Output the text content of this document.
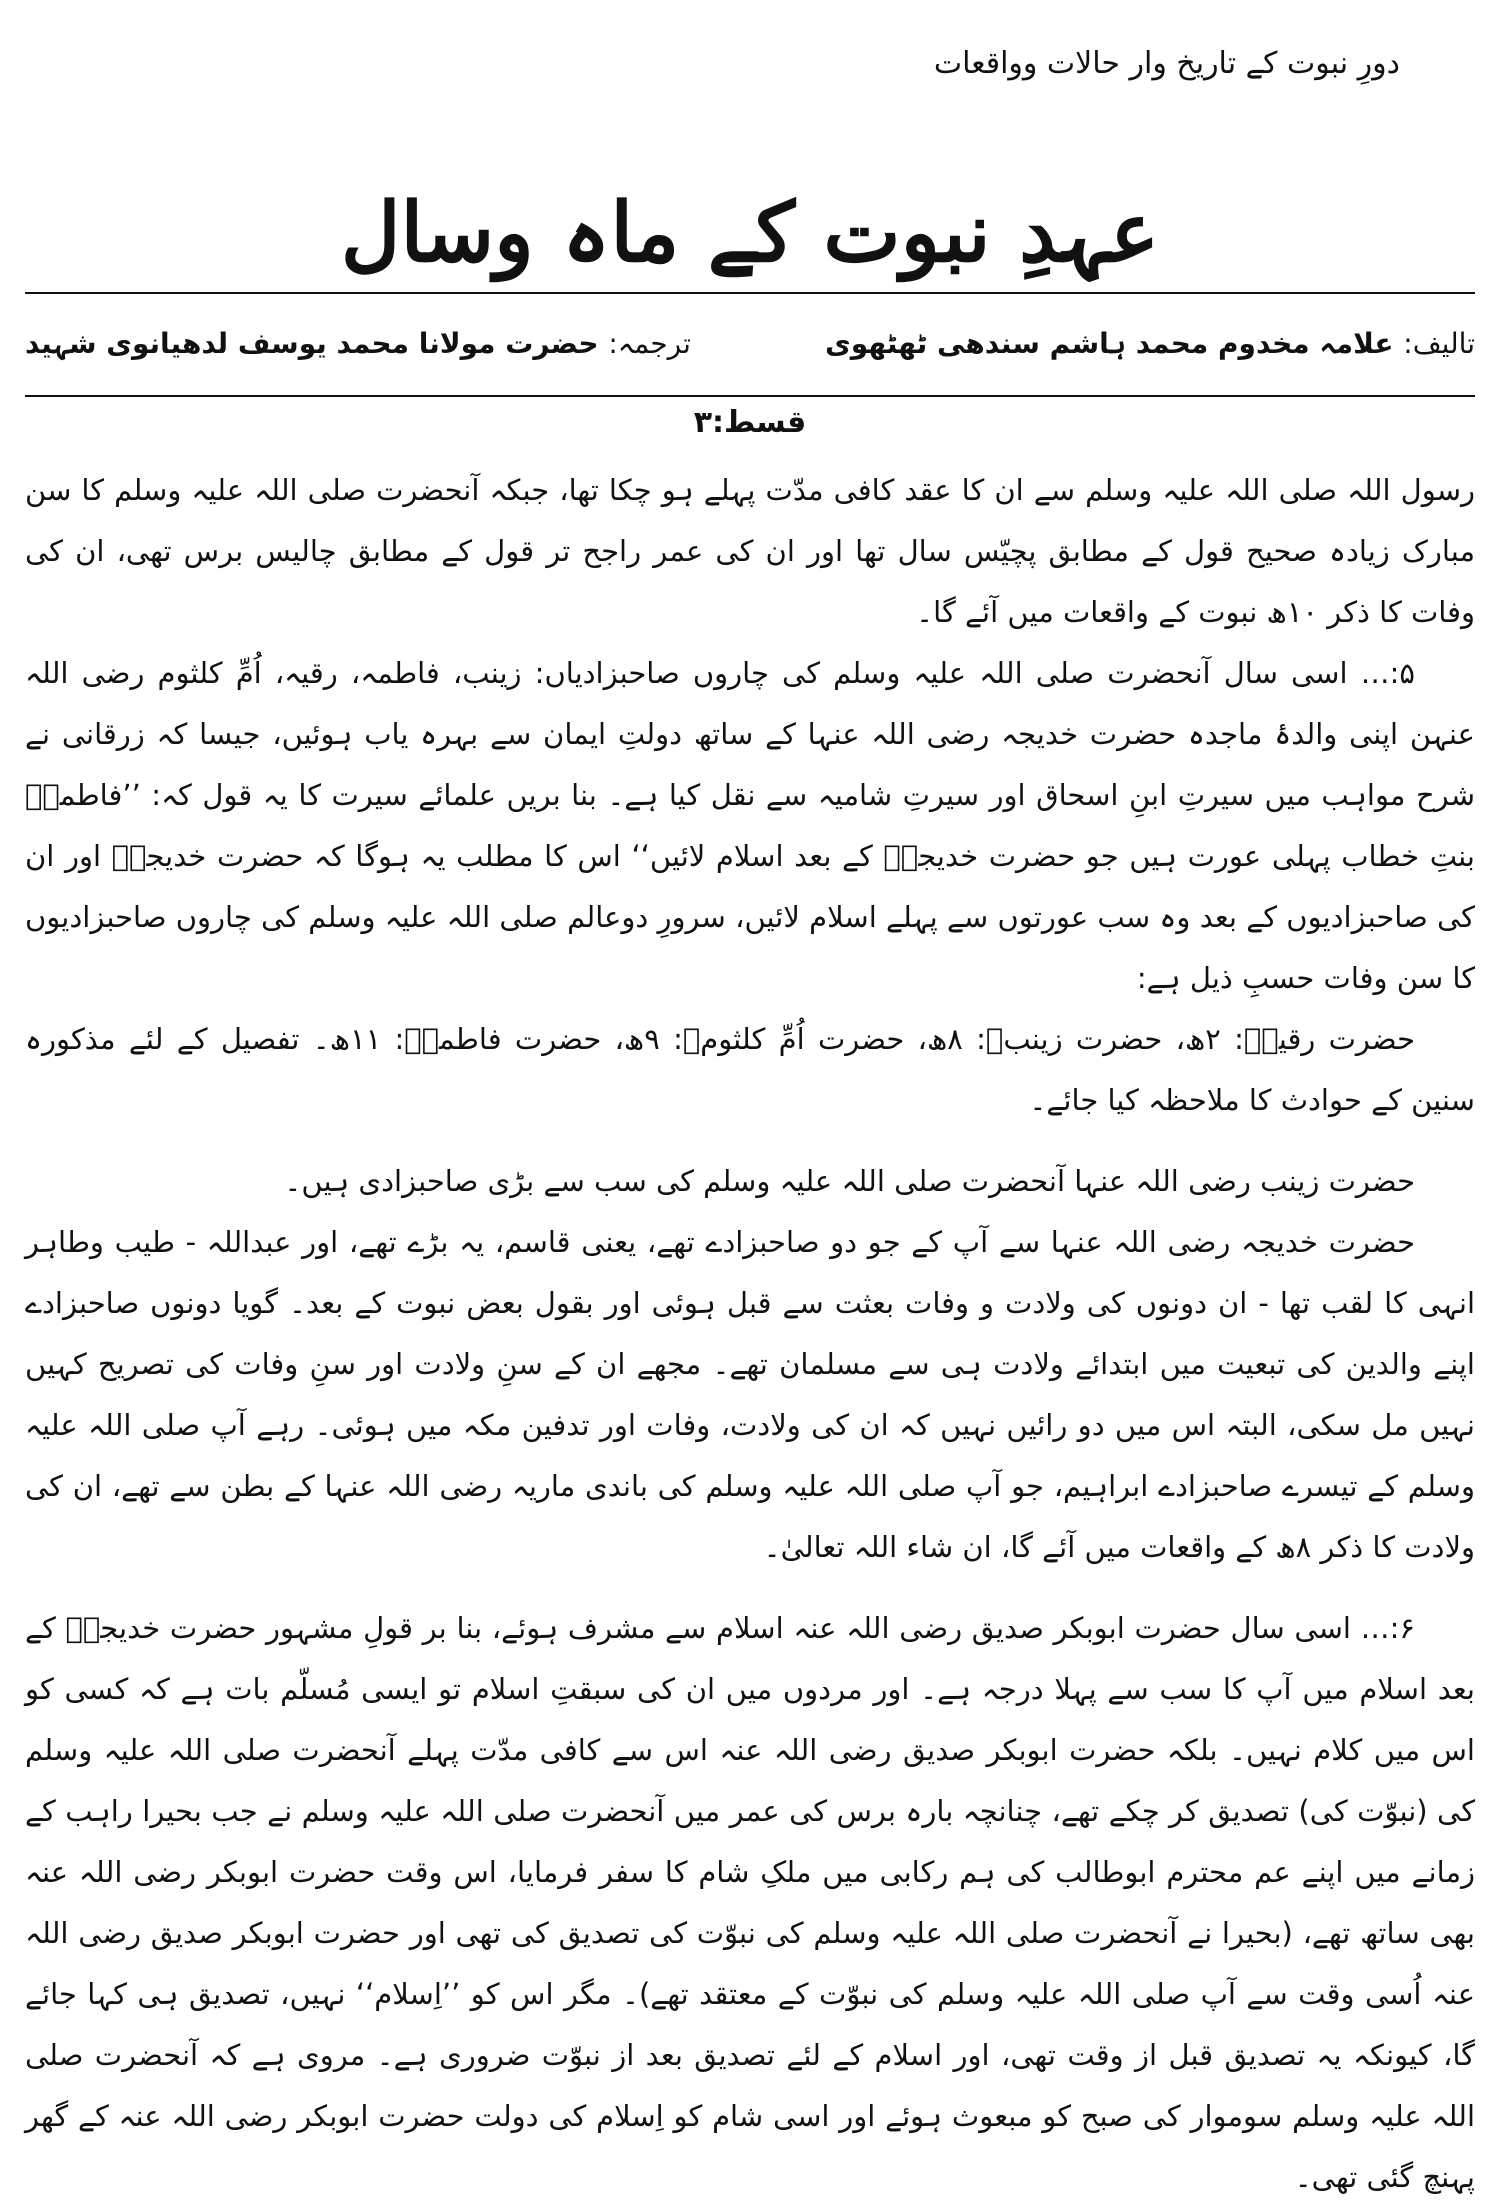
دورِ نبوت کے تاریخ وار حالات وواقعات
عہدِ نبوت کے ماہ وسال
تالیف: علامہ مخدوم محمد ہاشم سندھی ٹھٹھوی
ترجمہ: حضرت مولانا محمد یوسف لدھیانوی شہید
قسط:۳

رسول اللہ صلی اللہ علیہ وسلم سے ان کا عقد کافی مدّت پہلے ہو چکا تھا، جبکہ آنحضرت صلی اللہ علیہ وسلم کا سن مبارک زیادہ صحیح قول کے مطابق پچیّس سال تھا اور ان کی عمر راجح تر قول کے مطابق چالیس برس تھی، ان کی وفات کا ذکر ۱۰ھ نبوت کے واقعات میں آئے گا۔

۵:… اسی سال آنحضرت صلی اللہ علیہ وسلم کی چاروں صاحبزادیاں: زینب، فاطمہ، رقیہ، اُمِّ کلثوم رضی اللہ عنہن اپنی والدۂ ماجدہ حضرت خدیجہ رضی اللہ عنہا کے ساتھ دولتِ ایمان سے بہرہ یاب ہوئیں، جیسا کہ زرقانی نے شرح مواہب میں سیرتِ ابنِ اسحاق اور سیرتِ شامیہ سے نقل کیا ہے۔ بنا بریں علمائے سیرت کا یہ قول کہ: ’’فاطمہؓ بنتِ خطاب پہلی عورت ہیں جو حضرت خدیجہؓ کے بعد اسلام لائیں‘‘ اس کا مطلب یہ ہوگا کہ حضرت خدیجہؓ اور ان کی صاحبزادیوں کے بعد وہ سب عورتوں سے پہلے اسلام لائیں، سرورِ دوعالم صلی اللہ علیہ وسلم کی چاروں صاحبزادیوں کا سن وفات حسبِ ذیل ہے:

حضرت رقیہؓ: ۲ھ، حضرت زینبؓ: ۸ھ، حضرت اُمِّ کلثومؓ: ۹ھ، حضرت فاطمہؓ: ۱۱ھ۔ تفصیل کے لئے مذکورہ سنین کے حوادث کا ملاحظہ کیا جائے۔

حضرت زینب رضی اللہ عنہا آنحضرت صلی اللہ علیہ وسلم کی سب سے بڑی صاحبزادی ہیں۔

حضرت خدیجہ رضی اللہ عنہا سے آپ کے جو دو صاحبزادے تھے، یعنی قاسم، یہ بڑے تھے، اور عبداللہ - طیب وطاہر انہی کا لقب تھا - ان دونوں کی ولادت و وفات بعثت سے قبل ہوئی اور بقول بعض نبوت کے بعد۔ گویا دونوں صاحبزادے اپنے والدین کی تبعیت میں ابتدائے ولادت ہی سے مسلمان تھے۔ مجھے ان کے سنِ ولادت اور سنِ وفات کی تصریح کہیں نہیں مل سکی، البتہ اس میں دو رائیں نہیں کہ ان کی ولادت، وفات اور تدفین مکہ میں ہوئی۔ رہے آپ صلی اللہ علیہ وسلم کے تیسرے صاحبزادے ابراہیم، جو آپ صلی اللہ علیہ وسلم کی باندی ماریہ رضی اللہ عنہا کے بطن سے تھے، ان کی ولادت کا ذکر ۸ھ کے واقعات میں آئے گا، ان شاء اللہ تعالیٰ۔

۶:… اسی سال حضرت ابوبکر صدیق رضی اللہ عنہ اسلام سے مشرف ہوئے، بنا بر قولِ مشہور حضرت خدیجہؓ کے بعد اسلام میں آپ کا سب سے پہلا درجہ ہے۔ اور مردوں میں ان کی سبقتِ اسلام تو ایسی مُسلّم بات ہے کہ کسی کو اس میں کلام نہیں۔ بلکہ حضرت ابوبکر صدیق رضی اللہ عنہ اس سے کافی مدّت پہلے آنحضرت صلی اللہ علیہ وسلم کی (نبوّت کی) تصدیق کر چکے تھے، چنانچہ بارہ برس کی عمر میں آنحضرت صلی اللہ علیہ وسلم نے جب بحیرا راہب کے زمانے میں اپنے عم محترم ابوطالب کی ہم رکابی میں ملکِ شام کا سفر فرمایا، اس وقت حضرت ابوبکر رضی اللہ عنہ بھی ساتھ تھے، (بحیرا نے آنحضرت صلی اللہ علیہ وسلم کی نبوّت کی تصدیق کی تھی اور حضرت ابوبکر صدیق رضی اللہ عنہ اُسی وقت سے آپ صلی اللہ علیہ وسلم کی نبوّت کے معتقد تھے)۔ مگر اس کو ’’اِسلام‘‘ نہیں، تصدیق ہی کہا جائے گا، کیونکہ یہ تصدیق قبل از وقت تھی، اور اسلام کے لئے تصدیق بعد از نبوّت ضروری ہے۔ مروی ہے کہ آنحضرت صلی اللہ علیہ وسلم سوموار کی صبح کو مبعوث ہوئے اور اسی شام کو اِسلام کی دولت حضرت ابوبکر رضی اللہ عنہ کے گھر پہنچ گئی تھی۔
